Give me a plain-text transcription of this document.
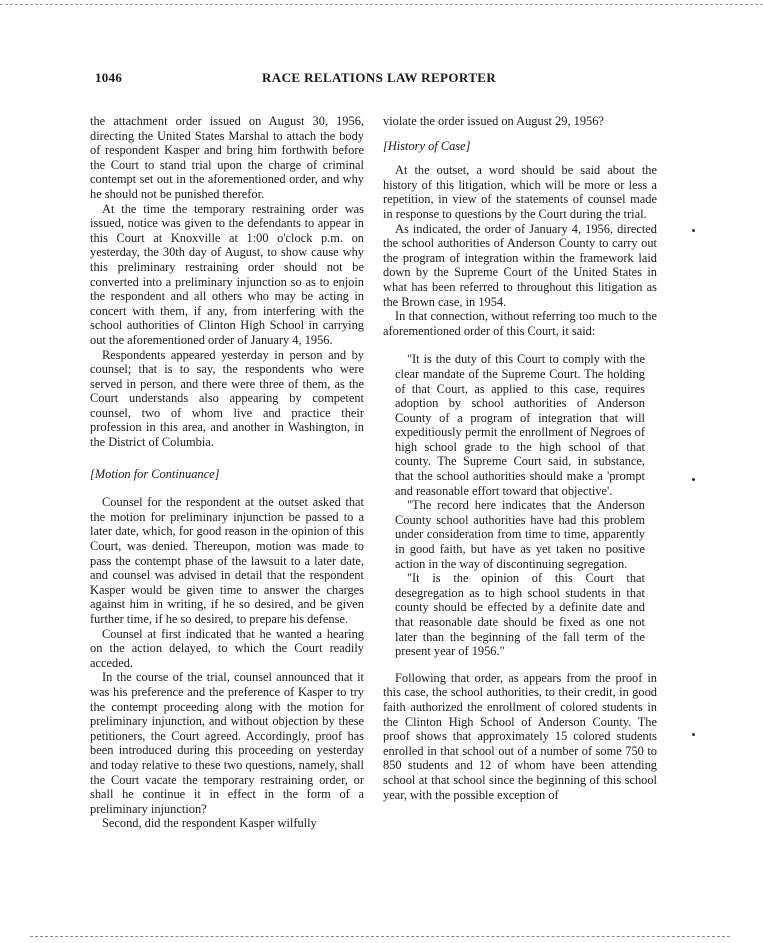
1046	RACE RELATIONS LAW REPORTER

the attachment order issued on August 30, 1956, directing the United States Marshal to attach the body of respondent Kasper and bring him forthwith before the Court to stand trial upon the charge of criminal contempt set out in the aforementioned order, and why he should not be punished therefor.

At the time the temporary restraining order was issued, notice was given to the defendants to appear in this Court at Knoxville at 1:00 o'clock p.m. on yesterday, the 30th day of August, to show cause why this preliminary restraining order should not be converted into a preliminary injunction so as to enjoin the respondent and all others who may be acting in concert with them, if any, from interfering with the school authorities of Clinton High School in carrying out the aforementioned order of January 4, 1956.

Respondents appeared yesterday in person and by counsel; that is to say, the respondents who were served in person, and there were three of them, as the Court understands also appearing by competent counsel, two of whom live and practice their profession in this area, and another in Washington, in the District of Columbia.

[Motion for Continuance]

Counsel for the respondent at the outset asked that the motion for preliminary injunction be passed to a later date, which, for good reason in the opinion of this Court, was denied. Thereupon, motion was made to pass the contempt phase of the lawsuit to a later date, and counsel was advised in detail that the respondent Kasper would be given time to answer the charges against him in writing, if he so desired, and be given further time, if he so desired, to prepare his defense.

Counsel at first indicated that he wanted a hearing on the action delayed, to which the Court readily acceded.

In the course of the trial, counsel announced that it was his preference and the preference of Kasper to try the contempt proceeding along with the motion for preliminary injunction, and without objection by these petitioners, the Court agreed. Accordingly, proof has been introduced during this proceeding on yesterday and today relative to these two questions, namely, shall the Court vacate the temporary restraining order, or shall he continue it in effect in the form of a preliminary injunction?

Second, did the respondent Kasper wilfully

violate the order issued on August 29, 1956?

[History of Case]

At the outset, a word should be said about the history of this litigation, which will be more or less a repetition, in view of the statements of counsel made in response to questions by the Court during the trial.

As indicated, the order of January 4, 1956, directed the school authorities of Anderson County to carry out the program of integration within the framework laid down by the Supreme Court of the United States in what has been referred to throughout this litigation as the Brown case, in 1954.

In that connection, without referring too much to the aforementioned order of this Court, it said:

"It is the duty of this Court to comply with the clear mandate of the Supreme Court. The holding of that Court, as applied to this case, requires adoption by school authorities of Anderson County of a program of integration that will expeditiously permit the enrollment of Negroes of high school grade to the high school of that county. The Supreme Court said, in substance, that the school authorities should make a 'prompt and reasonable effort toward that objective'.

"The record here indicates that the Anderson County school authorities have had this problem under consideration from time to time, apparently in good faith, but have as yet taken no positive action in the way of discontinuing segregation.

"It is the opinion of this Court that desegregation as to high school students in that county should be effected by a definite date and that reasonable date should be fixed as one not later than the beginning of the fall term of the present year of 1956."

Following that order, as appears from the proof in this case, the school authorities, to their credit, in good faith authorized the enrollment of colored students in the Clinton High School of Anderson County. The proof shows that approximately 15 colored students enrolled in that school out of a number of some 750 to 850 students and 12 of whom have been attending school at that school since the beginning of this school year, with the possible exception of
